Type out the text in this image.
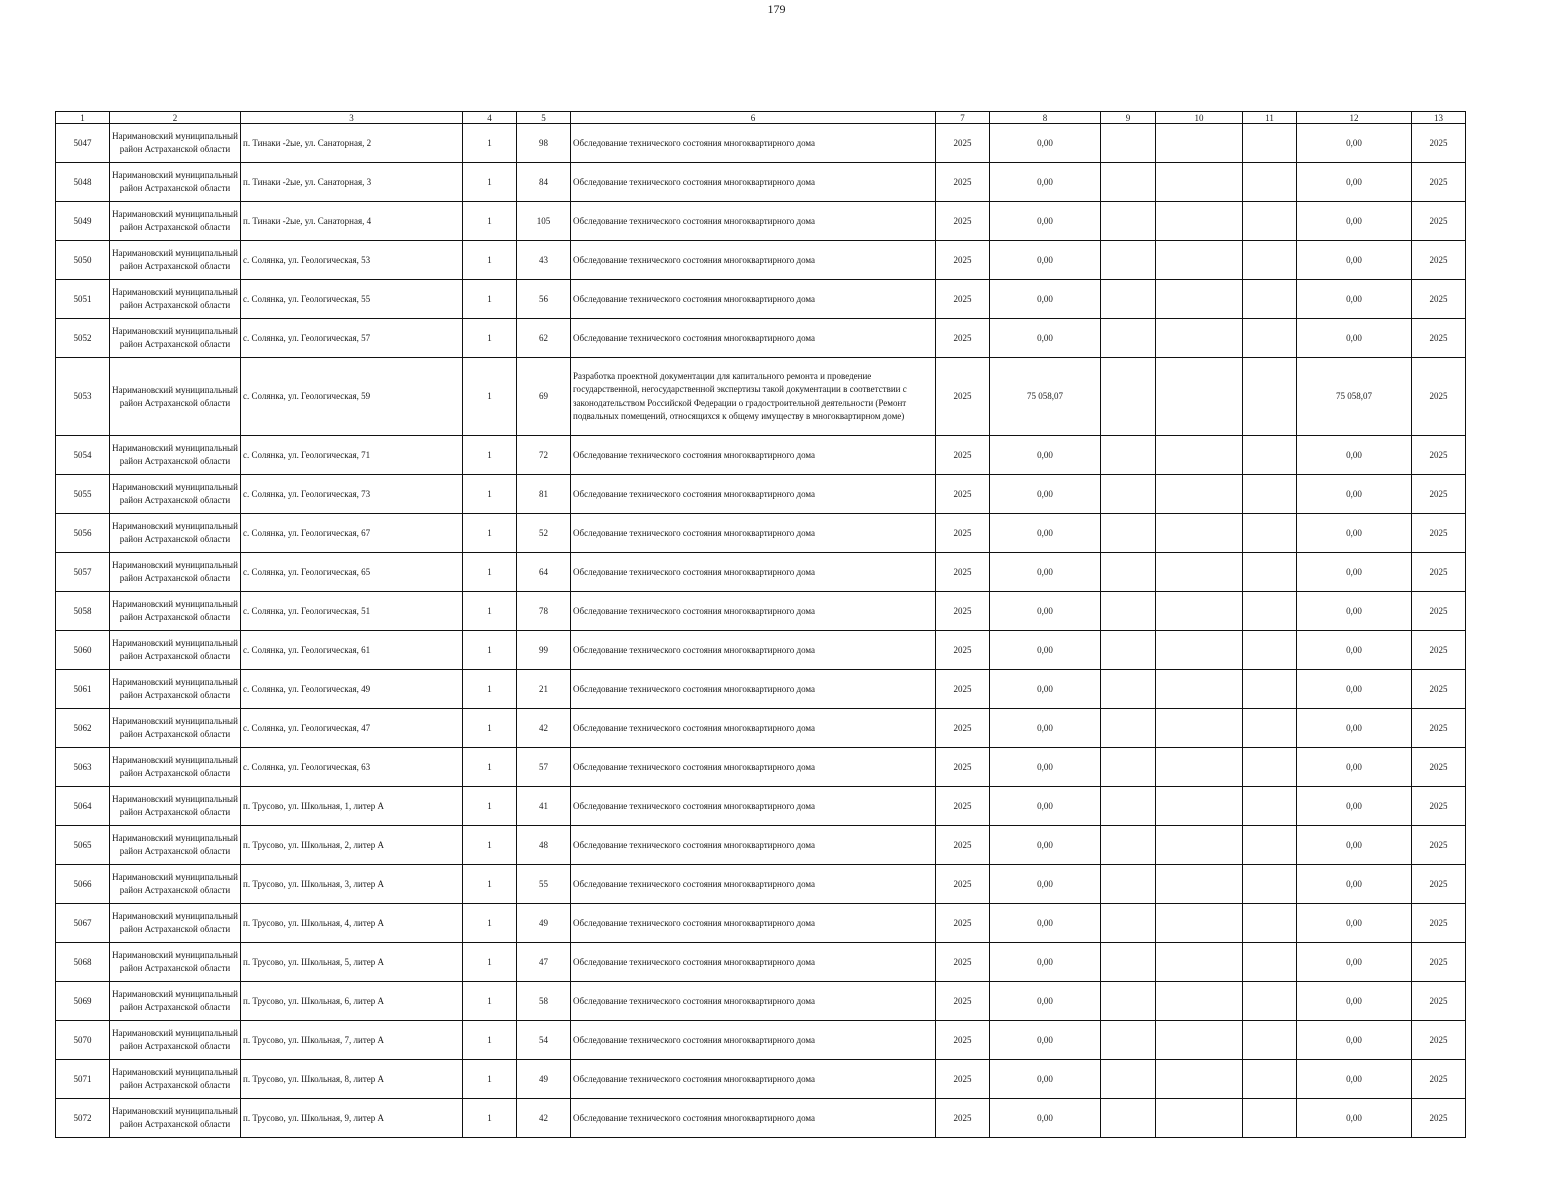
179
1	2	3	4	5	6	7	8	9	10	11	12	13
5047	Наримановский муниципальный район Астраханской области	п. Тинаки -2ые, ул. Санаторная, 2	1	98	Обследование технического состояния многоквартирного дома	2025	0,00				0,00	2025
5048	Наримановский муниципальный район Астраханской области	п. Тинаки -2ые, ул. Санаторная, 3	1	84	Обследование технического состояния многоквартирного дома	2025	0,00				0,00	2025
5049	Наримановский муниципальный район Астраханской области	п. Тинаки -2ые, ул. Санаторная, 4	1	105	Обследование технического состояния многоквартирного дома	2025	0,00				0,00	2025
5050	Наримановский муниципальный район Астраханской области	с. Солянка, ул. Геологическая, 53	1	43	Обследование технического состояния многоквартирного дома	2025	0,00				0,00	2025
5051	Наримановский муниципальный район Астраханской области	с. Солянка, ул. Геологическая, 55	1	56	Обследование технического состояния многоквартирного дома	2025	0,00				0,00	2025
5052	Наримановский муниципальный район Астраханской области	с. Солянка, ул. Геологическая, 57	1	62	Обследование технического состояния многоквартирного дома	2025	0,00				0,00	2025
5053	Наримановский муниципальный район Астраханской области	с. Солянка, ул. Геологическая, 59	1	69	Разработка проектной документации для капитального ремонта и проведение государственной, негосударственной экспертизы такой документации в соответствии с законодательством Российской Федерации о градостроительной деятельности (Ремонт подвальных помещений, относящихся к общему имуществу в многоквартирном доме)	2025	75 058,07				75 058,07	2025
5054	Наримановский муниципальный район Астраханской области	с. Солянка, ул. Геологическая, 71	1	72	Обследование технического состояния многоквартирного дома	2025	0,00				0,00	2025
5055	Наримановский муниципальный район Астраханской области	с. Солянка, ул. Геологическая, 73	1	81	Обследование технического состояния многоквартирного дома	2025	0,00				0,00	2025
5056	Наримановский муниципальный район Астраханской области	с. Солянка, ул. Геологическая, 67	1	52	Обследование технического состояния многоквартирного дома	2025	0,00				0,00	2025
5057	Наримановский муниципальный район Астраханской области	с. Солянка, ул. Геологическая, 65	1	64	Обследование технического состояния многоквартирного дома	2025	0,00				0,00	2025
5058	Наримановский муниципальный район Астраханской области	с. Солянка, ул. Геологическая, 51	1	78	Обследование технического состояния многоквартирного дома	2025	0,00				0,00	2025
5060	Наримановский муниципальный район Астраханской области	с. Солянка, ул. Геологическая, 61	1	99	Обследование технического состояния многоквартирного дома	2025	0,00				0,00	2025
5061	Наримановский муниципальный район Астраханской области	с. Солянка, ул. Геологическая, 49	1	21	Обследование технического состояния многоквартирного дома	2025	0,00				0,00	2025
5062	Наримановский муниципальный район Астраханской области	с. Солянка, ул. Геологическая, 47	1	42	Обследование технического состояния многоквартирного дома	2025	0,00				0,00	2025
5063	Наримановский муниципальный район Астраханской области	с. Солянка, ул. Геологическая, 63	1	57	Обследование технического состояния многоквартирного дома	2025	0,00				0,00	2025
5064	Наримановский муниципальный район Астраханской области	п. Трусово, ул. Школьная, 1, литер А	1	41	Обследование технического состояния многоквартирного дома	2025	0,00				0,00	2025
5065	Наримановский муниципальный район Астраханской области	п. Трусово, ул. Школьная, 2, литер А	1	48	Обследование технического состояния многоквартирного дома	2025	0,00				0,00	2025
5066	Наримановский муниципальный район Астраханской области	п. Трусово, ул. Школьная, 3, литер А	1	55	Обследование технического состояния многоквартирного дома	2025	0,00				0,00	2025
5067	Наримановский муниципальный район Астраханской области	п. Трусово, ул. Школьная, 4, литер А	1	49	Обследование технического состояния многоквартирного дома	2025	0,00				0,00	2025
5068	Наримановский муниципальный район Астраханской области	п. Трусово, ул. Школьная, 5, литер А	1	47	Обследование технического состояния многоквартирного дома	2025	0,00				0,00	2025
5069	Наримановский муниципальный район Астраханской области	п. Трусово, ул. Школьная, 6, литер А	1	58	Обследование технического состояния многоквартирного дома	2025	0,00				0,00	2025
5070	Наримановский муниципальный район Астраханской области	п. Трусово, ул. Школьная, 7, литер А	1	54	Обследование технического состояния многоквартирного дома	2025	0,00				0,00	2025
5071	Наримановский муниципальный район Астраханской области	п. Трусово, ул. Школьная, 8, литер А	1	49	Обследование технического состояния многоквартирного дома	2025	0,00				0,00	2025
5072	Наримановский муниципальный район Астраханской области	п. Трусово, ул. Школьная, 9, литер А	1	42	Обследование технического состояния многоквартирного дома	2025	0,00				0,00	2025
